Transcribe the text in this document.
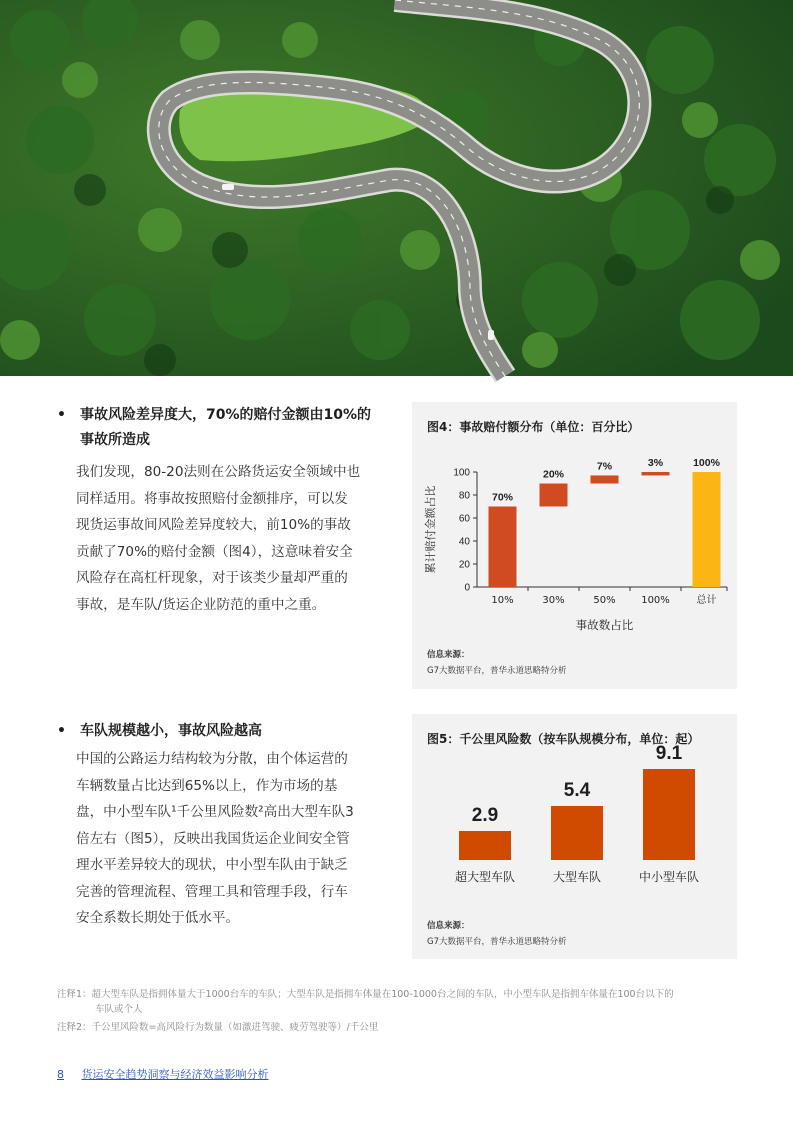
• 事故风险差异度大，70%的赔付金额由10%的
事故所造成
我们发现，80-20法则在公路货运安全领域中也
同样适用。将事故按照赔付金额排序，可以发
现货运事故间风险差异度较大，前10%的事故
贡献了70%的赔付金额（图4），这意味着安全
风险存在高杠杆现象，对于该类少量却严重的
事故，是车队/货运企业防范的重中之重。
• 车队规模越小，事故风险越高
中国的公路运力结构较为分散，由个体运营的
车辆数量占比达到65%以上，作为市场的基
盘，中小型车队¹千公里风险数²高出大型车队3
倍左右（图5），反映出我国货运企业间安全管
理水平差异较大的现状，中小型车队由于缺乏
完善的管理流程、管理工具和管理手段，行车
安全系数长期处于低水平。
图4：事故赔付额分布（单位：百分比）
0
20
40
60
80
100
累计赔付金额占比	70%
10%
20%
30%
7%
50%
3%
100%
100%
总计
事故数占比
信息来源：
G7大数据平台，普华永道思略特分析
图5：千公里风险数（按车队规模分布，单位：起）
2.9
超大型车队
5.4
大型车队
9.1
中小型车队
信息来源：
G7大数据平台，普华永道思略特分析
注释1：超大型车队是指拥体量大于1000台车的车队；大型车队是指拥车体量在100-1000台之间的车队，中小型车队是指拥车体量在100台以下的
车队或个人
注释2：千公里风险数=高风险行为数量（如激进驾驶、疲劳驾驶等）/千公里
8 货运安全趋势洞察与经济效益影响分析
